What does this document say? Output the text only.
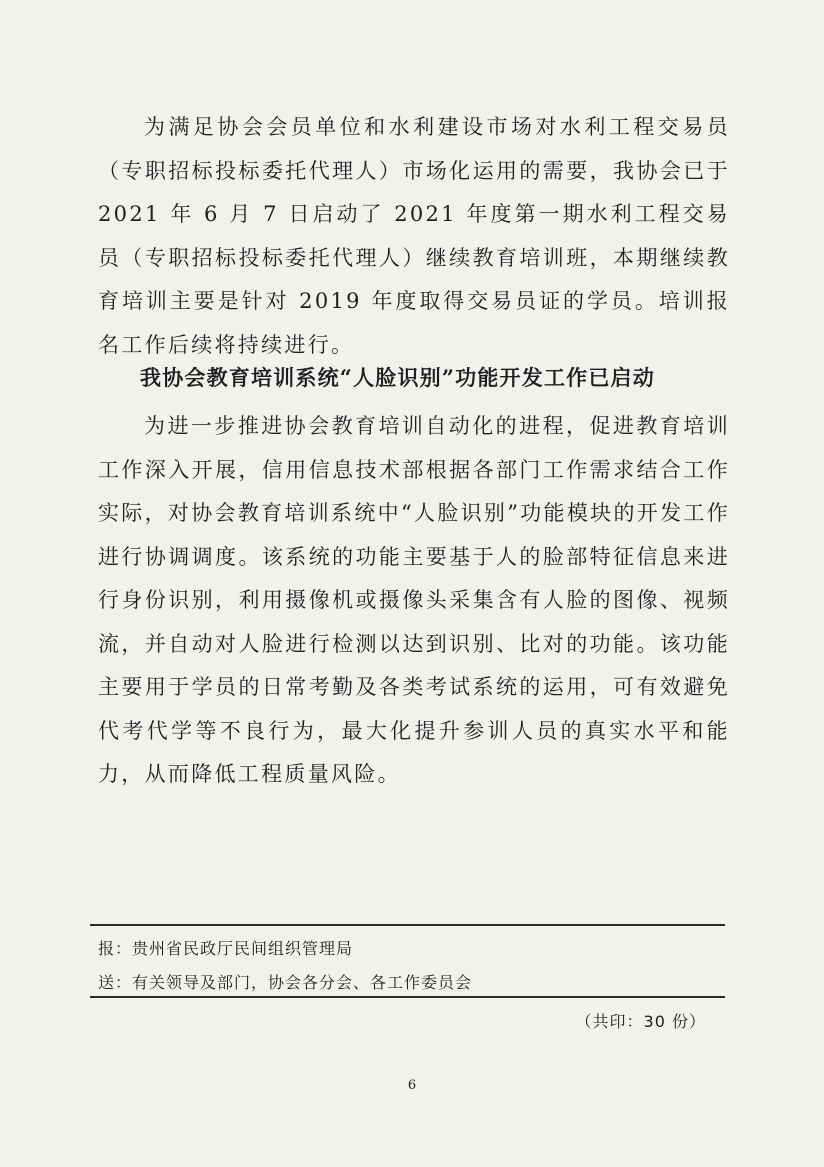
为满足协会会员单位和水利建设市场对水利工程交易员（专职招标投标委托代理人）市场化运用的需要，我协会已于 2021 年 6 月 7 日启动了 2021 年度第一期水利工程交易员（专职招标投标委托代理人）继续教育培训班，本期继续教育培训主要是针对 2019 年度取得交易员证的学员。培训报名工作后续将持续进行。

我协会教育培训系统“人脸识别”功能开发工作已启动

为进一步推进协会教育培训自动化的进程，促进教育培训工作深入开展，信用信息技术部根据各部门工作需求结合工作实际，对协会教育培训系统中“人脸识别”功能模块的开发工作进行协调调度。该系统的功能主要基于人的脸部特征信息来进行身份识别，利用摄像机或摄像头采集含有人脸的图像、视频流，并自动对人脸进行检测以达到识别、比对的功能。该功能主要用于学员的日常考勤及各类考试系统的运用，可有效避免代考代学等不良行为，最大化提升参训人员的真实水平和能力，从而降低工程质量风险。

报：贵州省民政厅民间组织管理局
送：有关领导及部门，协会各分会、各工作委员会
（共印：30 份）
6
